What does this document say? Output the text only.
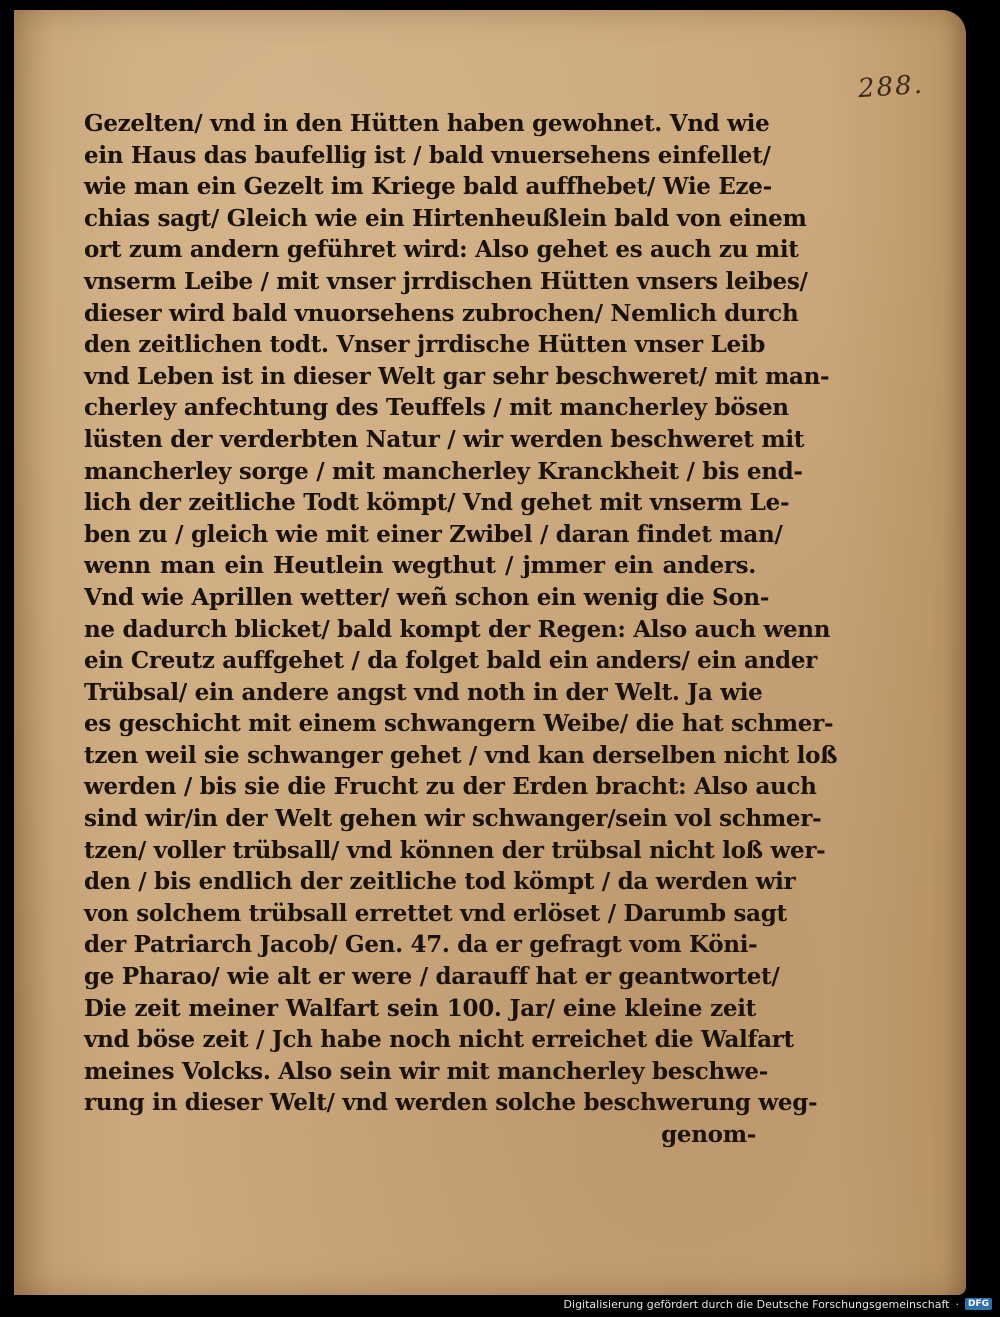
288.
Gezelten/ vnd in den Hütten haben gewohnet. Vnd wie
ein Haus das baufellig ist / bald vnuersehens einfellet/
wie man ein Gezelt im Kriege bald auffhebet/ Wie Eze-
chias sagt/ Gleich wie ein Hirtenheußlein bald von einem
ort zum andern geführet wird: Also gehet es auch zu mit
vnserm Leibe / mit vnser jrrdischen Hütten vnsers leibes/
dieser wird bald vnuorsehens zubrochen/ Nemlich durch
den zeitlichen todt. Vnser jrrdische Hütten vnser Leib
vnd Leben ist in dieser Welt gar sehr beschweret/ mit man-
cherley anfechtung des Teuffels / mit mancherley bösen
lüsten der verderbten Natur / wir werden beschweret mit
mancherley sorge / mit mancherley Kranckheit / bis end-
lich der zeitliche Todt kömpt/ Vnd gehet mit vnserm Le-
ben zu / gleich wie mit einer Zwibel / daran findet man/
wenn man ein Heutlein wegthut / jmmer ein anders.
Vnd wie Aprillen wetter/ weñ schon ein wenig die Son-
ne dadurch blicket/ bald kompt der Regen: Also auch wenn
ein Creutz auffgehet / da folget bald ein anders/ ein ander
Trübsal/ ein andere angst vnd noth in der Welt. Ja wie
es geschicht mit einem schwangern Weibe/ die hat schmer-
tzen weil sie schwanger gehet / vnd kan derselben nicht loß
werden / bis sie die Frucht zu der Erden bracht: Also auch
sind wir/in der Welt gehen wir schwanger/sein vol schmer-
tzen/ voller trübsall/ vnd können der trübsal nicht loß wer-
den / bis endlich der zeitliche tod kömpt / da werden wir
von solchem trübsall errettet vnd erlöset / Darumb sagt
der Patriarch Jacob/ Gen. 47. da er gefragt vom Köni-
ge Pharao/ wie alt er were / darauff hat er geantwortet/
Die zeit meiner Walfart sein 100. Jar/ eine kleine zeit
vnd böse zeit / Jch habe noch nicht erreichet die Walfart
meines Volcks. Also sein wir mit mancherley beschwe-
rung in dieser Welt/ vnd werden solche beschwerung weg-
genom-
Digitalisierung gefördert durch die Deutsche Forschungsgemeinschaft ·	DFG
